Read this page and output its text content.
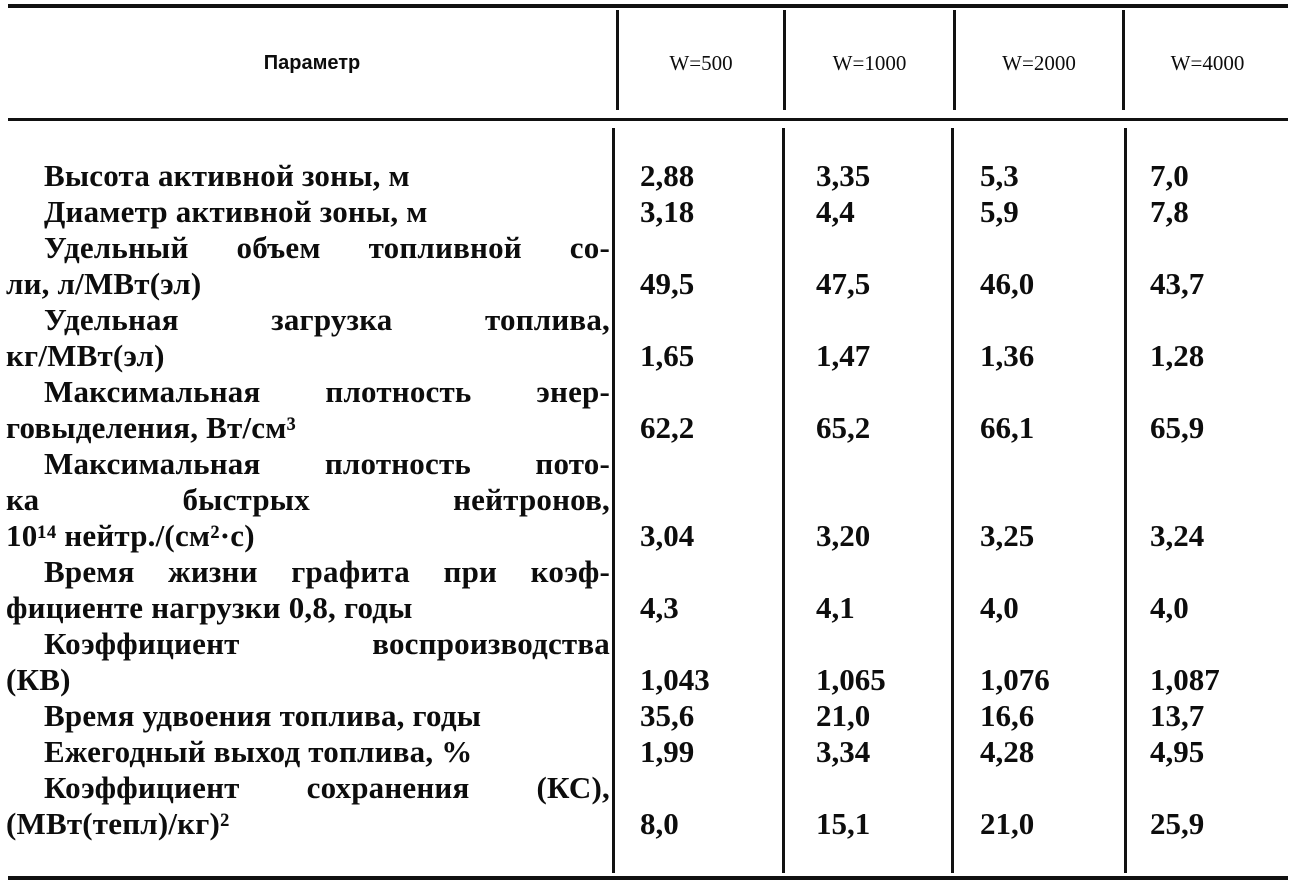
Параметр	W=500	W=1000	W=2000	W=4000
Высота активной зоны, м	2,88	3,35	5,3	7,0
Диаметр активной зоны, м	3,18	4,4	5,9	7,8
Удельный объем топливной со-
ли, л/МВт(эл)	49,5	47,5	46,0	43,7
Удельная загрузка топлива,
кг/МВт(эл)	1,65	1,47	1,36	1,28
Максимальная плотность энер-
говыделения, Вт/см³	62,2	65,2	66,1	65,9
Максимальная плотность пото-
ка быстрых нейтронов,
10¹⁴ нейтр./(см²·с)	3,04	3,20	3,25	3,24
Время жизни графита при коэф-
фициенте нагрузки 0,8, годы	4,3	4,1	4,0	4,0
Коэффициент воспроизводства
(КВ)	1,043	1,065	1,076	1,087
Время удвоения топлива, годы	35,6	21,0	16,6	13,7
Ежегодный выход топлива, %	1,99	3,34	4,28	4,95
Коэффициент сохранения (КС),
(МВт(тепл)/кг)²	8,0	15,1	21,0	25,9
